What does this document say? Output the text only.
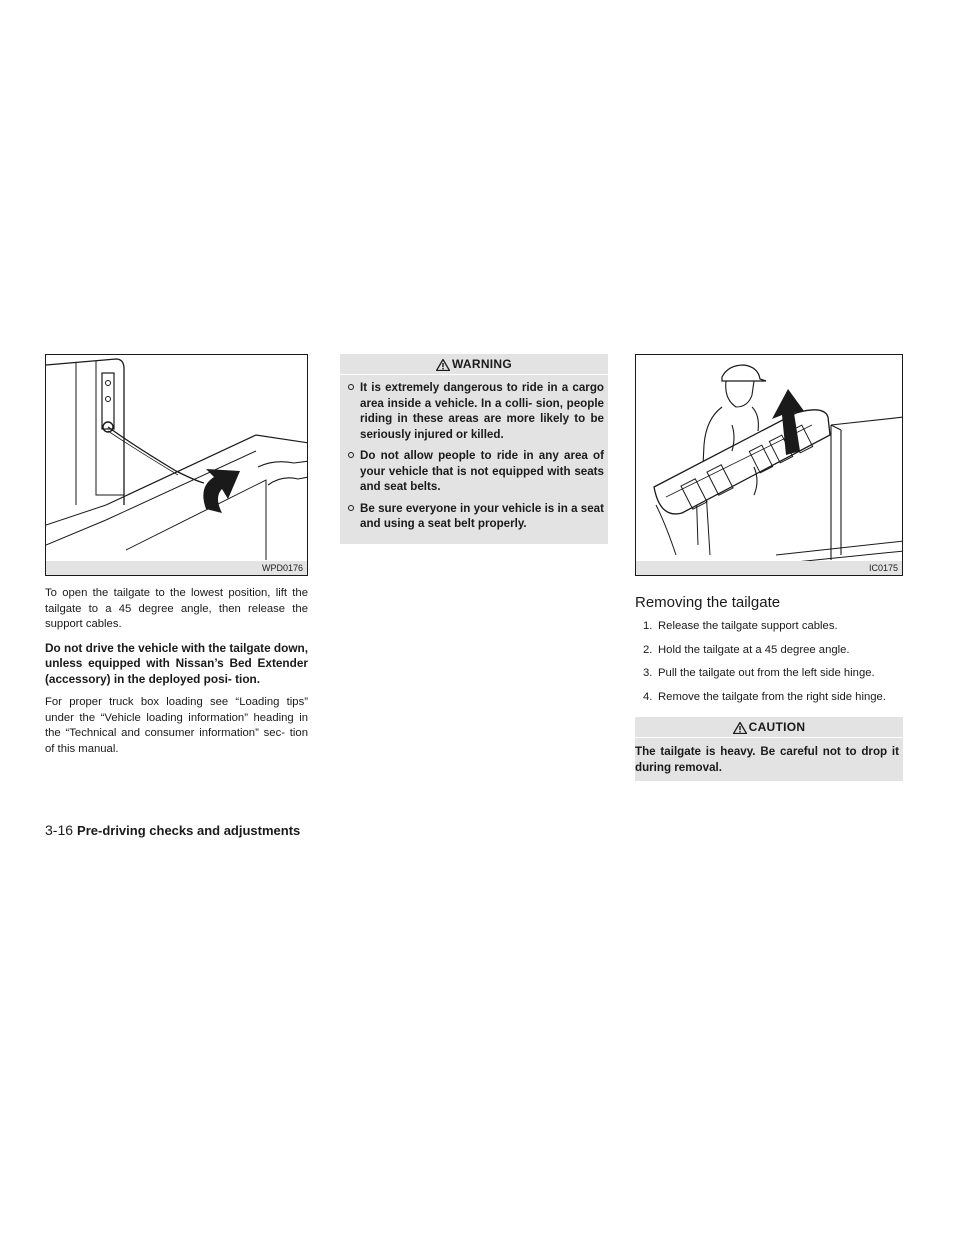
WPD0176

To open the tailgate to the lowest position, lift the tailgate to a 45 degree angle, then release the support cables.

Do not drive the vehicle with the tailgate down, unless equipped with Nissan’s Bed Extender (accessory) in the deployed posi- tion.

For proper truck box loading see “Loading tips” under the “Vehicle loading information” heading in the “Technical and consumer information” sec- tion of this manual.

WARNING
It is extremely dangerous to ride in a cargo area inside a vehicle. In a colli- sion, people riding in these areas are more likely to be seriously injured or killed.
Do not allow people to ride in any area of your vehicle that is not equipped with seats and seat belts.
Be sure everyone in your vehicle is in a seat and using a seat belt properly.
IC0175
Removing the tailgate
1. Release the tailgate support cables.
2. Hold the tailgate at a 45 degree angle.
3. Pull the tailgate out from the left side hinge.
4. Remove the tailgate from the right side hinge.
CAUTION
The tailgate is heavy. Be careful not to drop it during removal.
3-16 Pre-driving checks and adjustments
